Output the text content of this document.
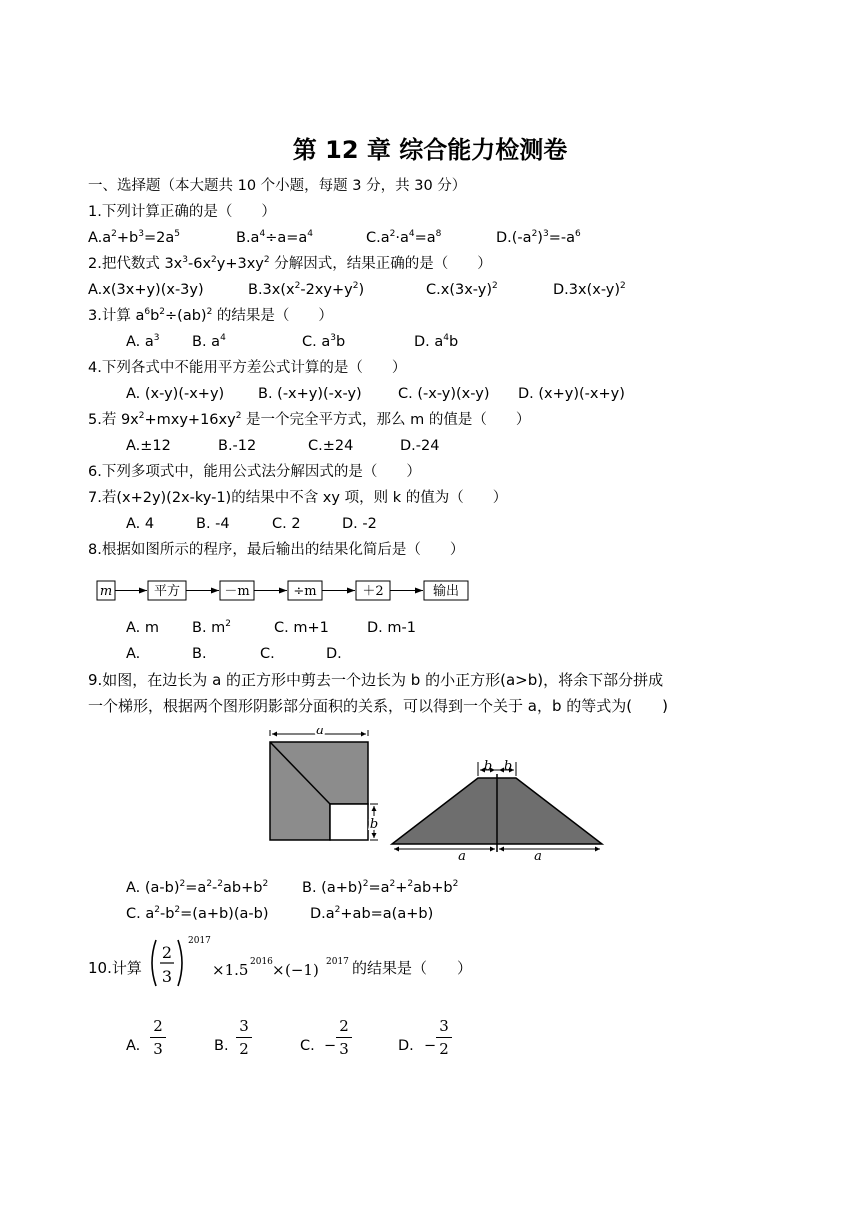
第 12 章 综合能力检测卷
一、选择题（本大题共 10 个小题，每题 3 分，共 30 分）
1.下列计算正确的是（　　）
$A.a^2+b^3=2a^5$	$B.a^4\div a=a^4$	$C.a^2\cdot a^4=a^8$	$D.(-a^2)^3=-a^6$
2.把代数式 $3x^3-6x^2y+3xy^2$ 分解因式，结果正确的是（　　）
A.x(3x+y)(x-3y)	$B.3x(x^2-2xy+y^2)$	$C.x(3x-y)^2$	$D.3x(x-y)^2$
3.计算 $a^6b^2\div(ab)^2$ 的结果是（　　）
A. $a^3$ B. $a^4$	C. $a^3b$	D. $a^4b$
4.下列各式中不能用平方差公式计算的是（　　）
A. (x-y)(-x+y) B. (-x+y)(-x-y)	C. (-x-y)(x-y) D. (x+y)(-x+y)
5.若 $9x^2+mxy+16xy^2$ 是一个完全平方式，那么 m 的值是（　　）
A.±12	B.-12	C.±24	D.-24
6.下列多项式中，能用公式法分解因式的是（　　）
7.若(x+2y)(2x-ky-1)的结果中不含 xy 项，则 k 的值为（　　）
A. 4	B. -4	C. 2	D. -2
8.根据如图所示的程序，最后输出的结果化简后是（　　）
m	平方	－m	÷m	＋2	输出
A. m B. $m^2$	C. m+1	D. m-1
A.	B.	C.	D.
9.如图，在边长为 a 的正方形中剪去一个边长为 b 的小正方形(a>b)，将余下部分拼成
一个梯形，根据两个图形阴影部分面积的关系，可以得到一个关于 a，b 的等式为(　　)
a
b
b b
a	a
A. $(a-b)^2=a^2-^2ab+b^2$ B. $(a+b)^2=a^2+^2ab+b^2$
C. $a^2-b^2=(a+b)(a-b)$	$D.a^2+ab=a(a+b)$
10.计算
2
3
2017
×1.5 2016 × (−1) 2017 的结果是（　　）
A.
2
3	B.
3
2	C. −
2
3	D. −
3
2
